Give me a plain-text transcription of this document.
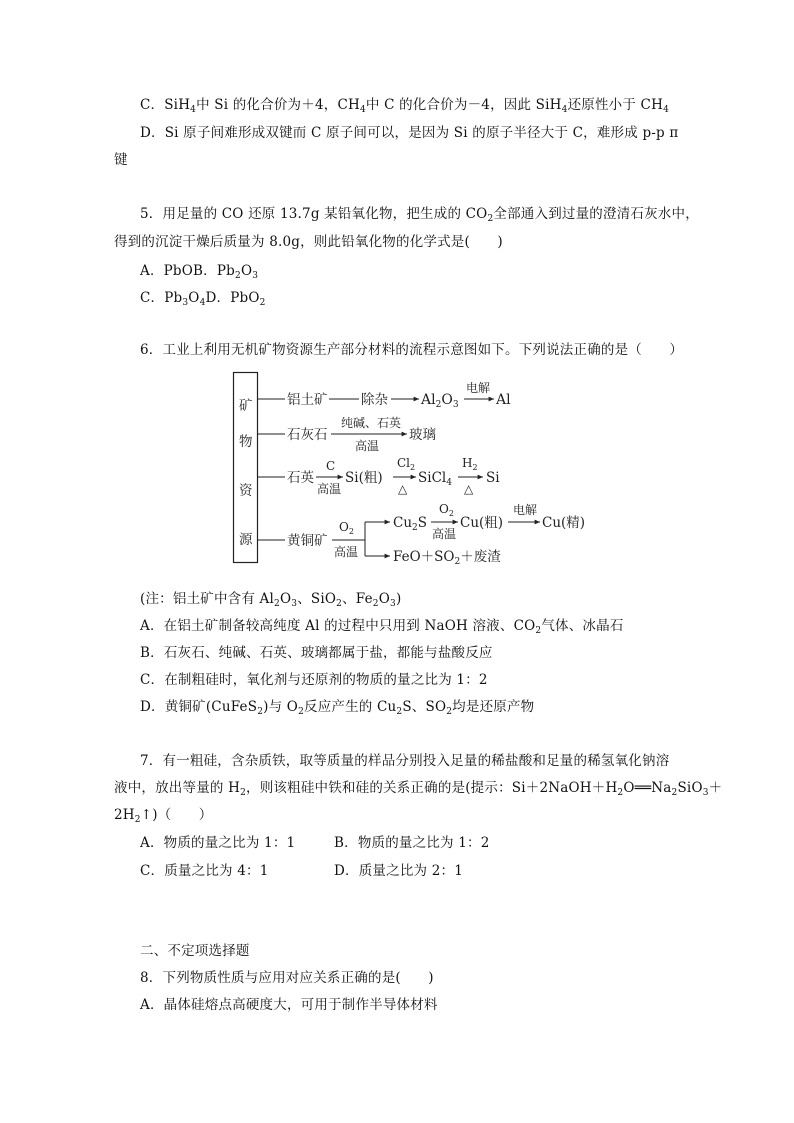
C．SiH$_4$中 Si 的化合价为＋4，$CH_4$中 C 的化合价为－4，因此 SiH$_4$还原性小于 $CH_4$
D．Si 原子间难形成双键而 C 原子间可以，是因为 Si 的原子半径大于 C，难形成 p-p π
键
5．用足量的 CO 还原 13.7g 某铅氧化物，把生成的 $CO_2$全部通入到过量的澄清石灰水中，
得到的沉淀干燥后质量为 8.0g，则此铅氧化物的化学式是(　　)
A．PbOB．$Pb_2O_3$
C．$Pb_3O_4D$．PbO$_2$
6．工业上利用无机矿物资源生产部分材料的流程示意图如下。下列说法正确的是（　　）
矿
物
资
源
铝土矿 除杂 $Al_2O_3$
电解
Al
石灰石
纯碱、石英
高温
玻璃
石英
C
高温
Si(粗)
$Cl_2$
△
SiCl$_4$
$H_2$
△
Si
黄铜矿
$O_2$
高温
$Cu_2S$
$O_2$
高温
Cu(粗)
电解
Cu(精)
$FeO+SO_2+$废渣
(注：铝土矿中含有 $Al_2O_3$、SiO$_2$、$Fe_2O_3$)
A．在铝土矿制备较高纯度 Al 的过程中只用到 NaOH 溶液、$CO_2$气体、冰晶石
B．石灰石、纯碱、石英、玻璃都属于盐，都能与盐酸反应
C．在制粗硅时，氧化剂与还原剂的物质的量之比为 1：2
D．黄铜矿(CuFeS$_2$)与 $O_2$反应产生的 $Cu_2S$、$SO_2$均是还原产物
7．有一粗硅，含杂质铁，取等质量的样品分别投入足量的稀盐酸和足量的稀氢氧化钠溶
液中，放出等量的 $H_2$，则该粗硅中铁和硅的关系正确的是(提示：$Si+2NaOH+H_2O══Na_2SiO_3+$
$2H_2↑$)（　　）
A．物质的量之比为 1：1	B．物质的量之比为 1：2
C．质量之比为 4：1	D．质量之比为 2：1
二、不定项选择题
8．下列物质性质与应用对应关系正确的是(　　)
A．晶体硅熔点高硬度大，可用于制作半导体材料
